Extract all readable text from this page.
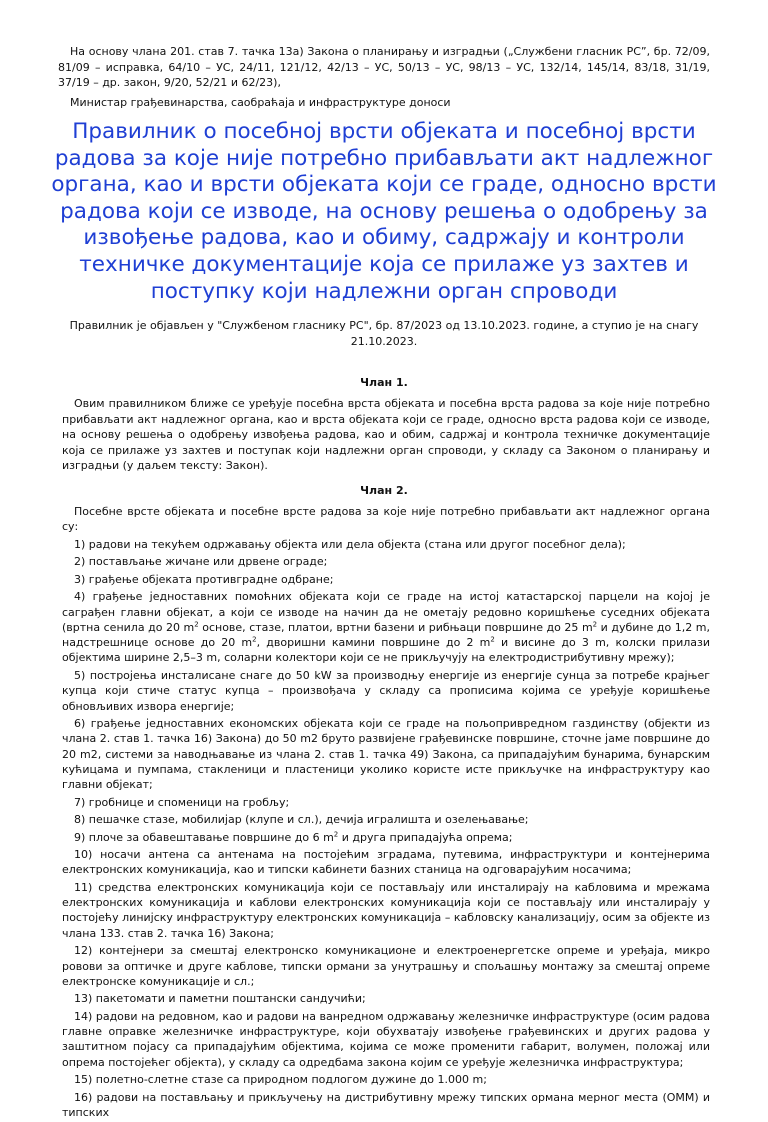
На основу члана 201. став 7. тачка 13а) Закона о планирању и изградњи („Службени гласник РС”, бр. 72/09, 81/09 – исправка, 64/10 – УС, 24/11, 121/12, 42/13 – УС, 50/13 – УС, 98/13 – УС, 132/14, 145/14, 83/18, 31/19, 37/19 – др. закон, 9/20, 52/21 и 62/23),

Министар грађевинарства, саобраћаја и инфраструктуре доноси

Правилник о посебној врсти објеката и посебној врсти радова за које није потребно прибављати акт надлежног органа, као и врсти објеката који се граде, односно врсти радова који се изводе, на основу решења о одобрењу за извођење радова, као и обиму, садржају и контроли техничке документације која се прилаже уз захтев и поступку који надлежни орган спроводи

Правилник је објављен у "Службеном гласнику РС", бр. 87/2023 од 13.10.2023. године, а ступио је на снагу 21.10.2023.

Члан 1.

Овим правилником ближе се уређује посебна врста објеката и посебна врста радова за које није потребно прибављати акт надлежног органа, као и врста објеката који се граде, односно врста радова који се изводе, на основу решења о одобрењу извођења радова, као и обим, садржај и контрола техничке документације која се прилаже уз захтев и поступак који надлежни орган спроводи, у складу са Законом о планирању и изградњи (у даљем тексту: Закон).

Члан 2.

Посебне врсте објеката и посебне врсте радова за које није потребно прибављати акт надлежног органа су:

1) радови на текућем одржавању објекта или дела објекта (стана или другог посебног дела);

2) постављање жичане или дрвене ограде;

3) грађење објеката противградне одбране;

4) грађење једноставних помоћних објеката који се граде на истој катастарској парцели на којој је саграђен главни објекат, а који се изводе на начин да не ометају редовно коришћење суседних објеката (вртна сенила до 20 $m^2$ основе, стазе, платои, вртни базени и рибњаци површине до 25 $m^2$ и дубине до 1,2 m, надстрешнице основе до 20 $m^2$, дворишни камини површине до 2 $m^2$ и висине до 3 m, колски прилази објектима ширине 2,5–3 m, соларни колектори који се не прикључују на електродистрибутивну мрежу);

5) постројења инсталисане снаге до 50 kW за производњу енергије из енергије сунца за потребе крајњег купца који стиче статус купца – произвођача у складу са прописима којима се уређује коришћење обновљивих извора енергије;

6) грађење једноставних економских објеката који се граде на пољопривредном газдинству (објекти из члана 2. став 1. тачка 16) Закона) до 50 m2 бруто развијене грађевинске површине, сточне јаме површине до 20 m2, системи за наводњавање из члана 2. став 1. тачка 49) Закона, са припадајућим бунарима, бунарским кућицама и пумпама, стакленици и пластеници уколико користе исте прикључке на инфраструктуру као главни објекат;

7) гробнице и споменици на гробљу;

8) пешачке стазе, мобилијар (клупе и сл.), дечија игралишта и озелењавање;

9) плоче за обавештавање површине до 6 $m^2$ и друга припадајућа опрема;

10) носачи антена са антенама на постојећим зградама, путевима, инфраструктури и контејнерима електронских комуникација, као и типски кабинети базних станица на одговарајућим носачима;

11) средства електронских комуникација који се постављају или инсталирају на кабловима и мрежама електронских комуникација и каблови електронских комуникација који се постављају или инсталирају у постојећу линијску инфраструктуру електронских комуникација – кабловску канализацију, осим за објекте из члана 133. став 2. тачка 16) Закона;

12) контејнери за смештај електронско комуникационе и електроенергетске опреме и уређаја, микро ровови за оптичке и друге каблове, типски ормани за унутрашњу и спољашњу монтажу за смештај опреме електронске комуникације и сл.;

13) пакетомати и паметни поштански сандучићи;

14) радови на редовном, као и радови на ванредном одржавању железничке инфраструктуре (осим радова главне оправке железничке инфраструктуре, који обухватају извођење грађевинских и других радова у заштитном појасу са припадајућим објектима, којима се може променити габарит, волумен, положај или опрема постојећег објекта), у складу са одредбама закона којим се уређује железничка инфраструктура;

15) полетно-слетне стазе са природном подлогом дужине до 1.000 m;

16) радови на постављању и прикључењу на дистрибутивну мрежу типских ормана мерног места (ОММ) и типских
